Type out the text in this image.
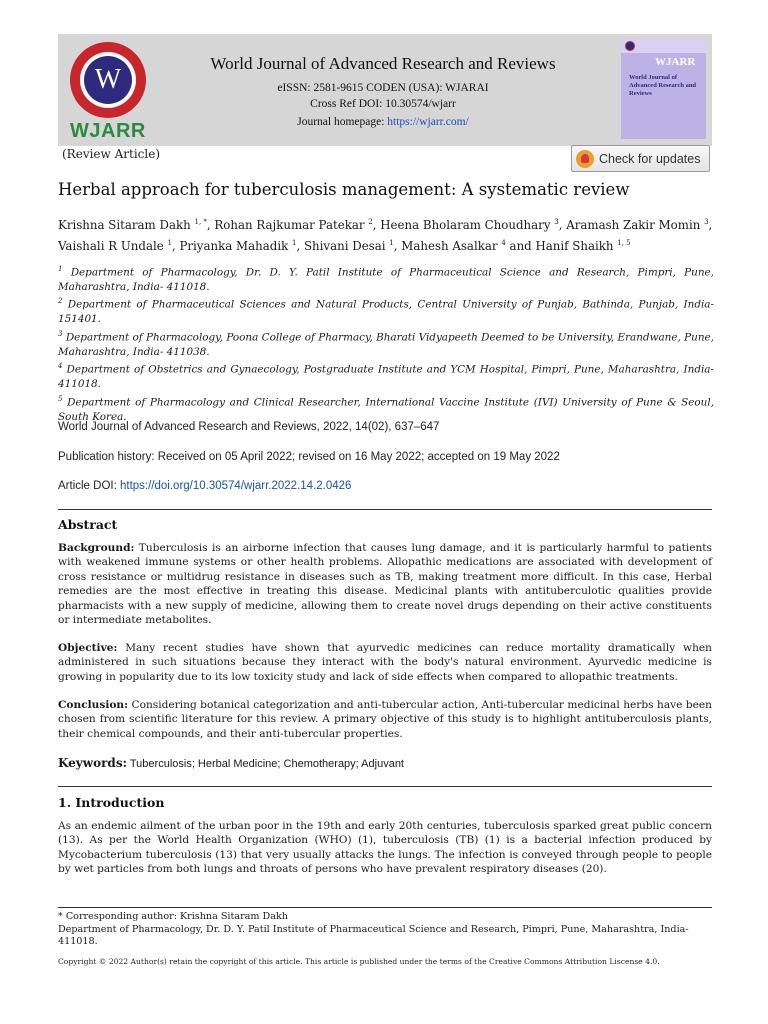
W
WJARR
World Journal of Advanced Research and Reviews
eISSN: 2581-9615 CODEN (USA): WJARAI
Cross Ref DOI: 10.30574/wjarr
Journal homepage: https://wjarr.com/
WJARR
World Journal of Advanced Research and Reviews
(Review Article)	Check for updates
Herbal approach for tuberculosis management: A systematic review
Krishna Sitaram Dakh $^{1, *}$, Rohan Rajkumar Patekar $^2$, Heena Bholaram Choudhary $^3$, Aramash Zakir Momin $^3$, Vaishali R Undale $^1$, Priyanka Mahadik $^1$, Shivani Desai $^1$, Mahesh Asalkar $^4$ and Hanif Shaikh $^{1, 5}$
$^1$ Department of Pharmacology, Dr. D. Y. Patil Institute of Pharmaceutical Science and Research, Pimpri, Pune, Maharashtra, India- 411018.
$^2$ Department of Pharmaceutical Sciences and Natural Products, Central University of Punjab, Bathinda, Punjab, India- 151401.
$^3$ Department of Pharmacology, Poona College of Pharmacy, Bharati Vidyapeeth Deemed to be University, Erandwane, Pune, Maharashtra, India- 411038.
$^4$ Department of Obstetrics and Gynaecology, Postgraduate Institute and YCM Hospital, Pimpri, Pune, Maharashtra, India- 411018.
$^5$ Department of Pharmacology and Clinical Researcher, International Vaccine Institute (IVI) University of Pune & Seoul, South Korea.
World Journal of Advanced Research and Reviews, 2022, 14(02), 637–647
Publication history: Received on 05 April 2022; revised on 16 May 2022; accepted on 19 May 2022
Article DOI: https://doi.org/10.30574/wjarr.2022.14.2.0426
Abstract
Background: Tuberculosis is an airborne infection that causes lung damage, and it is particularly harmful to patients with weakened immune systems or other health problems. Allopathic medications are associated with development of cross resistance or multidrug resistance in diseases such as TB, making treatment more difficult. In this case, Herbal remedies are the most effective in treating this disease. Medicinal plants with antituberculotic qualities provide pharmacists with a new supply of medicine, allowing them to create novel drugs depending on their active constituents or intermediate metabolites.
Objective: Many recent studies have shown that ayurvedic medicines can reduce mortality dramatically when administered in such situations because they interact with the body's natural environment. Ayurvedic medicine is growing in popularity due to its low toxicity study and lack of side effects when compared to allopathic treatments.
Conclusion: Considering botanical categorization and anti-tubercular action, Anti-tubercular medicinal herbs have been chosen from scientific literature for this review. A primary objective of this study is to highlight antituberculosis plants, their chemical compounds, and their anti-tubercular properties.
Keywords: Tuberculosis; Herbal Medicine; Chemotherapy; Adjuvant
1. Introduction
As an endemic ailment of the urban poor in the 19th and early 20th centuries, tuberculosis sparked great public concern (13). As per the World Health Organization (WHO) (1), tuberculosis (TB) (1) is a bacterial infection produced by Mycobacterium tuberculosis (13) that very usually attacks the lungs. The infection is conveyed through people to people by wet particles from both lungs and throats of persons who have prevalent respiratory diseases (20).
* Corresponding author: Krishna Sitaram Dakh
Department of Pharmacology, Dr. D. Y. Patil Institute of Pharmaceutical Science and Research, Pimpri, Pune, Maharashtra, India- 411018.
Copyright © 2022 Author(s) retain the copyright of this article. This article is published under the terms of the Creative Commons Attribution Liscense 4.0.
